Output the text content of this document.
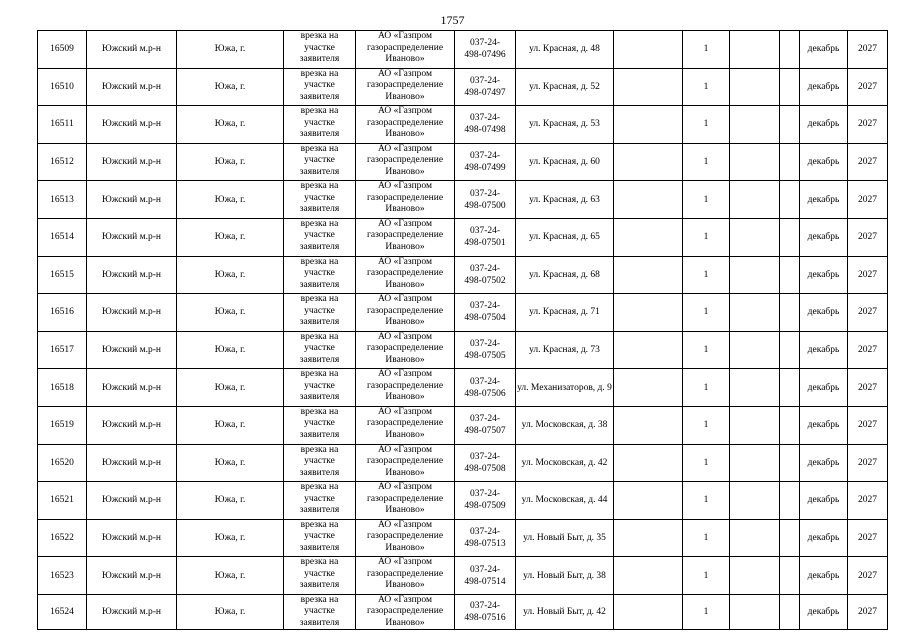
1757
16509	Южский м.р-н	Южа, г.	врезка на
участке
заявителя	АО «Газпром
газораспределение
Иваново»	037-24-
498-07496	ул. Красная, д. 48		1			декабрь	2027
16510	Южский м.р-н	Южа, г.	врезка на
участке
заявителя	АО «Газпром
газораспределение
Иваново»	037-24-
498-07497	ул. Красная, д. 52		1			декабрь	2027
16511	Южский м.р-н	Южа, г.	врезка на
участке
заявителя	АО «Газпром
газораспределение
Иваново»	037-24-
498-07498	ул. Красная, д. 53		1			декабрь	2027
16512	Южский м.р-н	Южа, г.	врезка на
участке
заявителя	АО «Газпром
газораспределение
Иваново»	037-24-
498-07499	ул. Красная, д. 60		1			декабрь	2027
16513	Южский м.р-н	Южа, г.	врезка на
участке
заявителя	АО «Газпром
газораспределение
Иваново»	037-24-
498-07500	ул. Красная, д. 63		1			декабрь	2027
16514	Южский м.р-н	Южа, г.	врезка на
участке
заявителя	АО «Газпром
газораспределение
Иваново»	037-24-
498-07501	ул. Красная, д. 65		1			декабрь	2027
16515	Южский м.р-н	Южа, г.	врезка на
участке
заявителя	АО «Газпром
газораспределение
Иваново»	037-24-
498-07502	ул. Красная, д. 68		1			декабрь	2027
16516	Южский м.р-н	Южа, г.	врезка на
участке
заявителя	АО «Газпром
газораспределение
Иваново»	037-24-
498-07504	ул. Красная, д. 71		1			декабрь	2027
16517	Южский м.р-н	Южа, г.	врезка на
участке
заявителя	АО «Газпром
газораспределение
Иваново»	037-24-
498-07505	ул. Красная, д. 73		1			декабрь	2027
16518	Южский м.р-н	Южа, г.	врезка на
участке
заявителя	АО «Газпром
газораспределение
Иваново»	037-24-
498-07506	ул. Механизаторов, д. 9		1			декабрь	2027
16519	Южский м.р-н	Южа, г.	врезка на
участке
заявителя	АО «Газпром
газораспределение
Иваново»	037-24-
498-07507	ул. Московская, д. 38		1			декабрь	2027
16520	Южский м.р-н	Южа, г.	врезка на
участке
заявителя	АО «Газпром
газораспределение
Иваново»	037-24-
498-07508	ул. Московская, д. 42		1			декабрь	2027
16521	Южский м.р-н	Южа, г.	врезка на
участке
заявителя	АО «Газпром
газораспределение
Иваново»	037-24-
498-07509	ул. Московская, д. 44		1			декабрь	2027
16522	Южский м.р-н	Южа, г.	врезка на
участке
заявителя	АО «Газпром
газораспределение
Иваново»	037-24-
498-07513	ул. Новый Быт, д. 35		1			декабрь	2027
16523	Южский м.р-н	Южа, г.	врезка на
участке
заявителя	АО «Газпром
газораспределение
Иваново»	037-24-
498-07514	ул. Новый Быт, д. 38		1			декабрь	2027
16524	Южский м.р-н	Южа, г.	врезка на
участке
заявителя	АО «Газпром
газораспределение
Иваново»	037-24-
498-07516	ул. Новый Быт, д. 42		1			декабрь	2027
